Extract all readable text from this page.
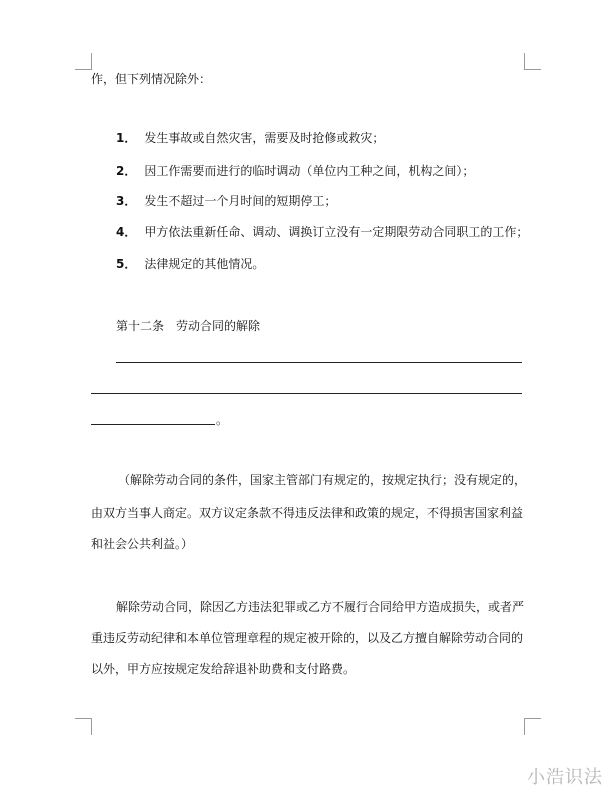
作，但下列情况除外：
1． 发生事故或自然灾害，需要及时抢修或救灾；
2． 因工作需要而进行的临时调动（单位内工种之间，机构之间）；
3． 发生不超过一个月时间的短期停工；
4． 甲方依法重新任命、调动、调换订立没有一定期限劳动合同职工的工作；
5． 法律规定的其他情况。
第十二条　劳动合同的解除
。
（解除劳动合同的条件，国家主管部门有规定的，按规定执行；没有规定的，
由双方当事人商定。双方议定条款不得违反法律和政策的规定，不得损害国家利益
和社会公共利益。）
解除劳动合同，除因乙方违法犯罪或乙方不履行合同给甲方造成损失，或者严
重违反劳动纪律和本单位管理章程的规定被开除的，以及乙方擅自解除劳动合同的
以外，甲方应按规定发给辞退补助费和支付路费。
小浩识法
